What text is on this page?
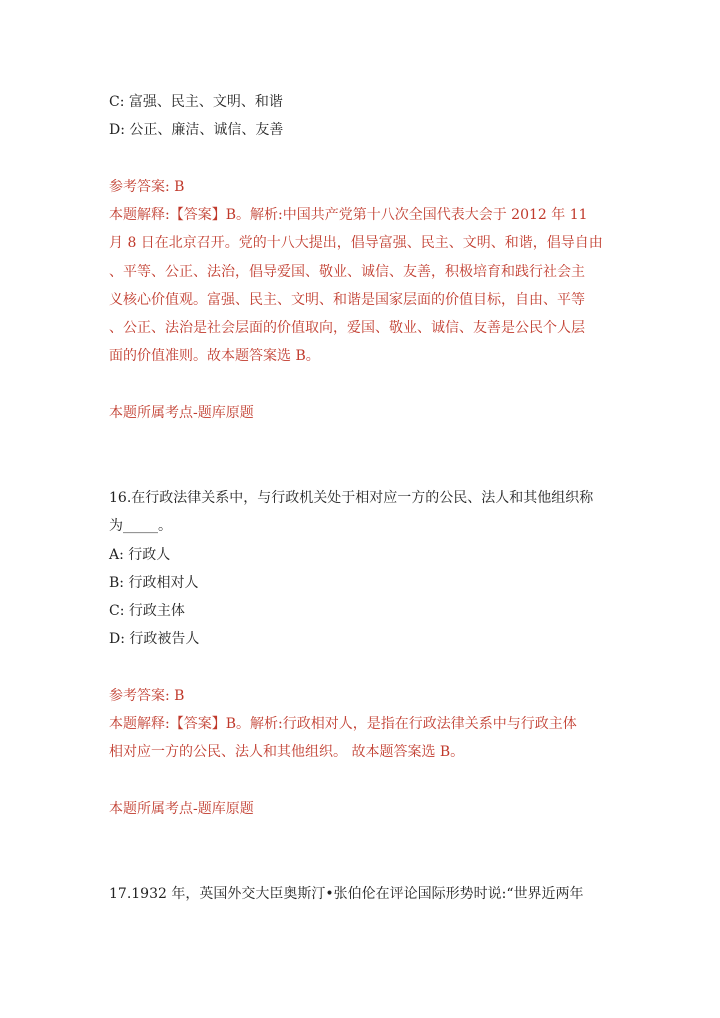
C: 富强、民主、文明、和谐
D: 公正、廉洁、诚信、友善
参考答案: B
本题解释:【答案】B。解析:中国共产党第十八次全国代表大会于 2012 年 11
月 8 日在北京召开。党的十八大提出，倡导富强、民主、文明、和谐，倡导自由
、平等、公正、法治，倡导爱国、敬业、诚信、友善，积极培育和践行社会主
义核心价值观。富强、民主、文明、和谐是国家层面的价值目标，自由、平等
、公正、法治是社会层面的价值取向，爱国、敬业、诚信、友善是公民个人层
面的价值准则。故本题答案选 B。
本题所属考点-题库原题
16.在行政法律关系中，与行政机关处于相对应一方的公民、法人和其他组织称
为_____。
A: 行政人
B: 行政相对人
C: 行政主体
D: 行政被告人
参考答案: B
本题解释:【答案】B。解析:行政相对人，是指在行政法律关系中与行政主体
相对应一方的公民、法人和其他组织。 故本题答案选 B。
本题所属考点-题库原题
17.1932 年，英国外交大臣奥斯汀•张伯伦在评论国际形势时说:“世界近两年
